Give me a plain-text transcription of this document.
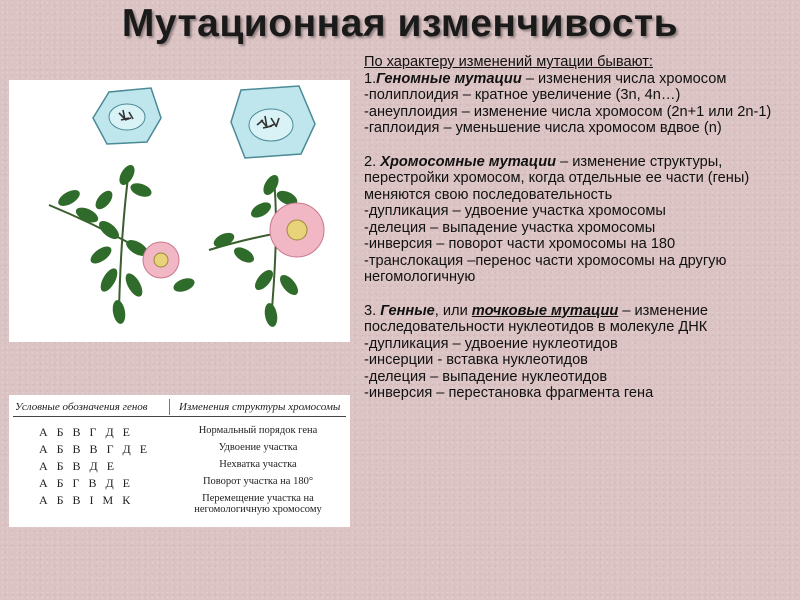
Мутационная изменчивость
Условные обозначения генов	Изменения структуры хромосомы
А Б В Г Д Е	Нормальный порядок гена
А Б В В Г Д Е	Удвоение участка
А Б В Д Е	Нехватка участка
А Б Г В Д Е	Поворот участка на 180°
А Б В І М К	Перемещение участка на негомологичную хромосому

По характеру изменений мутации бывают:

1.Геномные мутации – изменения числа хромосом

-полиплоидия – кратное увеличение (3n, 4n…)

-анеуплоидия – изменение числа хромосом (2n+1 или 2n-1)

-гаплоидия – уменьшение числа хромосом вдвое (n)

2. Хромосомные мутации – изменение структуры, перестройки хромосом, когда отдельные ее части (гены) меняются свою последовательность

-дупликация – удвоение участка хромосомы

-делеция – выпадение участка хромосомы

-инверсия – поворот части хромосомы на 180

-транслокация –перенос части хромосомы на другую негомологичную

3. Генные, или точковые мутации – изменение последовательности нуклеотидов в молекуле ДНК

-дупликация – удвоение нуклеотидов

-инсерции - вставка нуклеотидов

-делеция – выпадение нуклеотидов

-инверсия – перестановка фрагмента гена
